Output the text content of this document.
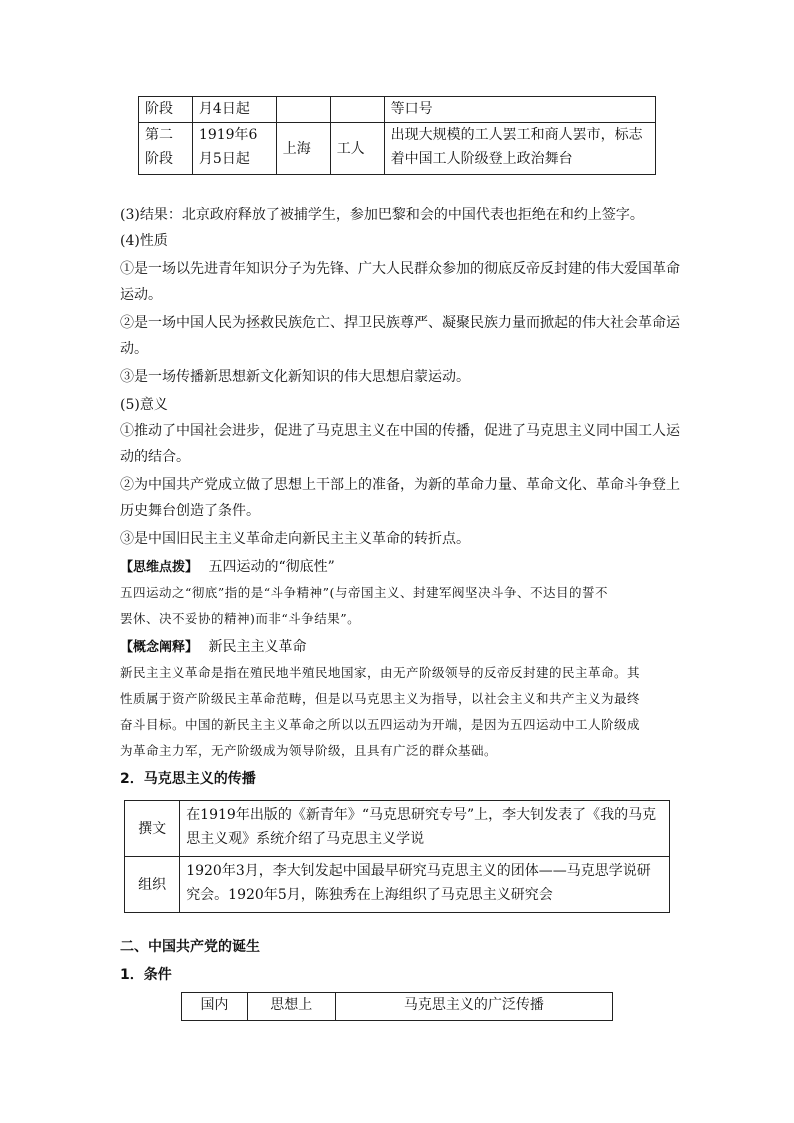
阶段	月4日起			等口号
第二阶段	1919年6月5日起	上海	工人	出现大规模的工人罢工和商人罢市，标志着中国工人阶级登上政治舞台
(3)结果：北京政府释放了被捕学生，参加巴黎和会的中国代表也拒绝在和约上签字。
(4)性质
①是一场以先进青年知识分子为先锋、广大人民群众参加的彻底反帝反封建的伟大爱国革命
运动。
②是一场中国人民为拯救民族危亡、捍卫民族尊严、凝聚民族力量而掀起的伟大社会革命运
动。
③是一场传播新思想新文化新知识的伟大思想启蒙运动。
(5)意义
①推动了中国社会进步，促进了马克思主义在中国的传播，促进了马克思主义同中国工人运
动的结合。
②为中国共产党成立做了思想上干部上的准备，为新的革命力量、革命文化、革命斗争登上
历史舞台创造了条件。
③是中国旧民主主义革命走向新民主主义革命的转折点。
【思维点拨】 五四运动的“彻底性”
五四运动之“彻底”指的是“斗争精神”(与帝国主义、封建军阀坚决斗争、不达目的誓不
罢休、决不妥协的精神)而非“斗争结果”。
【概念阐释】 新民主主义革命
新民主主义革命是指在殖民地半殖民地国家，由无产阶级领导的反帝反封建的民主革命。其
性质属于资产阶级民主革命范畴，但是以马克思主义为指导，以社会主义和共产主义为最终
奋斗目标。中国的新民主主义革命之所以以五四运动为开端，是因为五四运动中工人阶级成
为革命主力军，无产阶级成为领导阶级，且具有广泛的群众基础。
2．马克思主义的传播
撰文	在1919年出版的《新青年》“马克思研究专号”上，李大钊发表了《我的马克
思主义观》系统介绍了马克思主义学说

组织	1920年3月，李大钊发起中国最早研究马克思主义的团体——马克思学说研
究会。1920年5月，陈独秀在上海组织了马克思主义研究会
二、中国共产党的诞生
1．条件
国内	思想上	马克思主义的广泛传播
